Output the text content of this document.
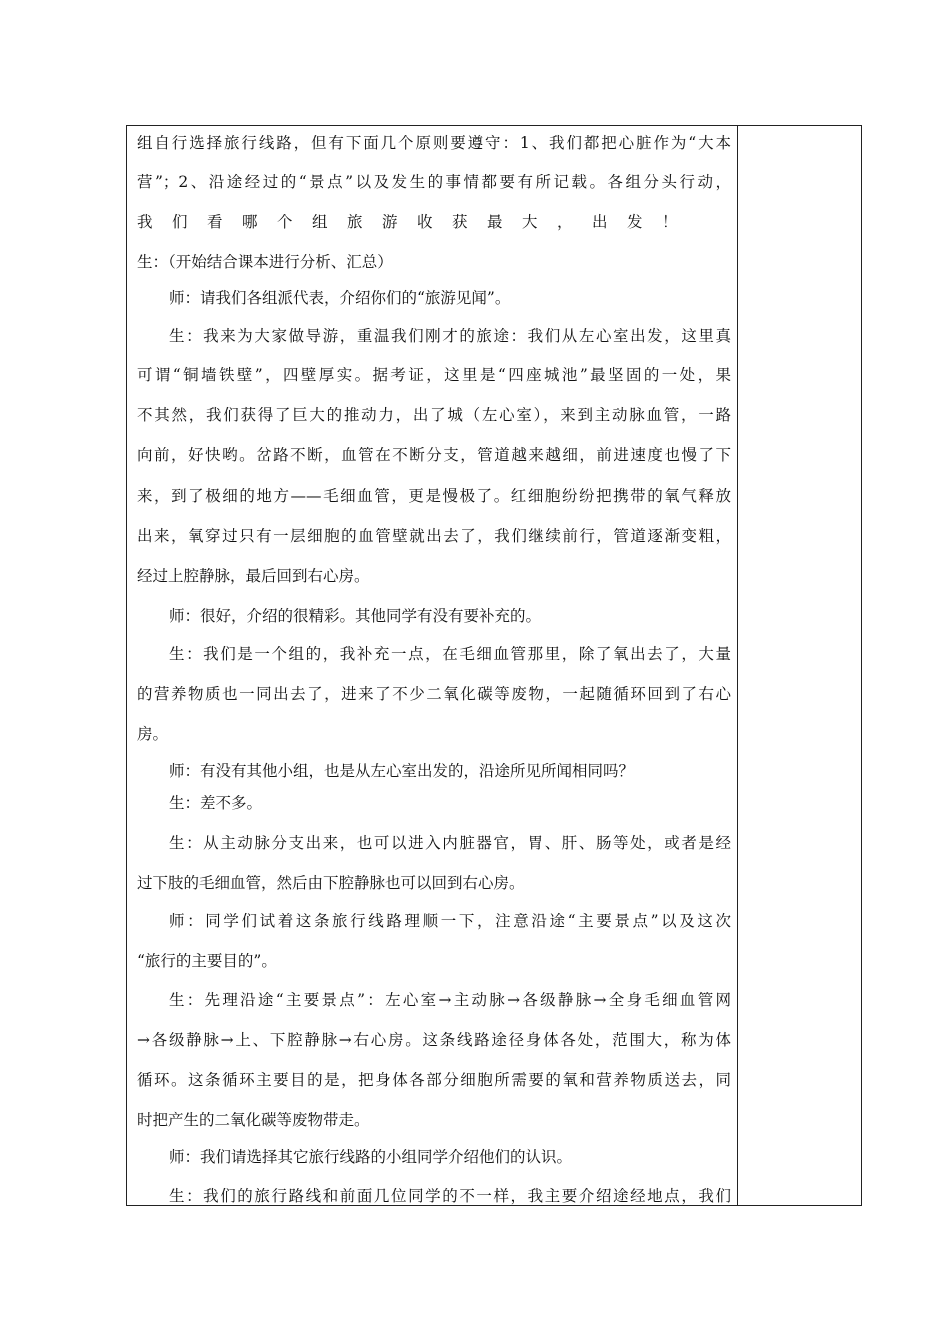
组自行选择旅行线路，但有下面几个原则要遵守：1、我们都把心脏作为“大本
营”；2、沿途经过的“景点”以及发生的事情都要有所记载。各组分头行动，
我们看哪个组旅游收获最大，出发！
生：（开始结合课本进行分析、汇总）
师：请我们各组派代表，介绍你们的“旅游见闻”。
生：我来为大家做导游，重温我们刚才的旅途：我们从左心室出发，这里真
可谓“铜墙铁壁”，四壁厚实。据考证，这里是“四座城池”最坚固的一处，果
不其然，我们获得了巨大的推动力，出了城（左心室），来到主动脉血管，一路
向前，好快哟。岔路不断，血管在不断分支，管道越来越细，前进速度也慢了下
来，到了极细的地方——毛细血管，更是慢极了。红细胞纷纷把携带的氧气释放
出来，氧穿过只有一层细胞的血管壁就出去了，我们继续前行，管道逐渐变粗，
经过上腔静脉，最后回到右心房。
师：很好，介绍的很精彩。其他同学有没有要补充的。
生：我们是一个组的，我补充一点，在毛细血管那里，除了氧出去了，大量
的营养物质也一同出去了，进来了不少二氧化碳等废物，一起随循环回到了右心
房。
师：有没有其他小组，也是从左心室出发的，沿途所见所闻相同吗？
生：差不多。
生：从主动脉分支出来，也可以进入内脏器官，胃、肝、肠等处，或者是经
过下肢的毛细血管，然后由下腔静脉也可以回到右心房。
师：同学们试着这条旅行线路理顺一下，注意沿途“主要景点”以及这次
“旅行的主要目的”。
生：先理沿途“主要景点”：左心室→主动脉→各级静脉→全身毛细血管网
→各级静脉→上、下腔静脉→右心房。这条线路途径身体各处，范围大，称为体
循环。这条循环主要目的是，把身体各部分细胞所需要的氧和营养物质送去，同
时把产生的二氧化碳等废物带走。
师：我们请选择其它旅行线路的小组同学介绍他们的认识。
生：我们的旅行路线和前面几位同学的不一样，我主要介绍途经地点，我们
